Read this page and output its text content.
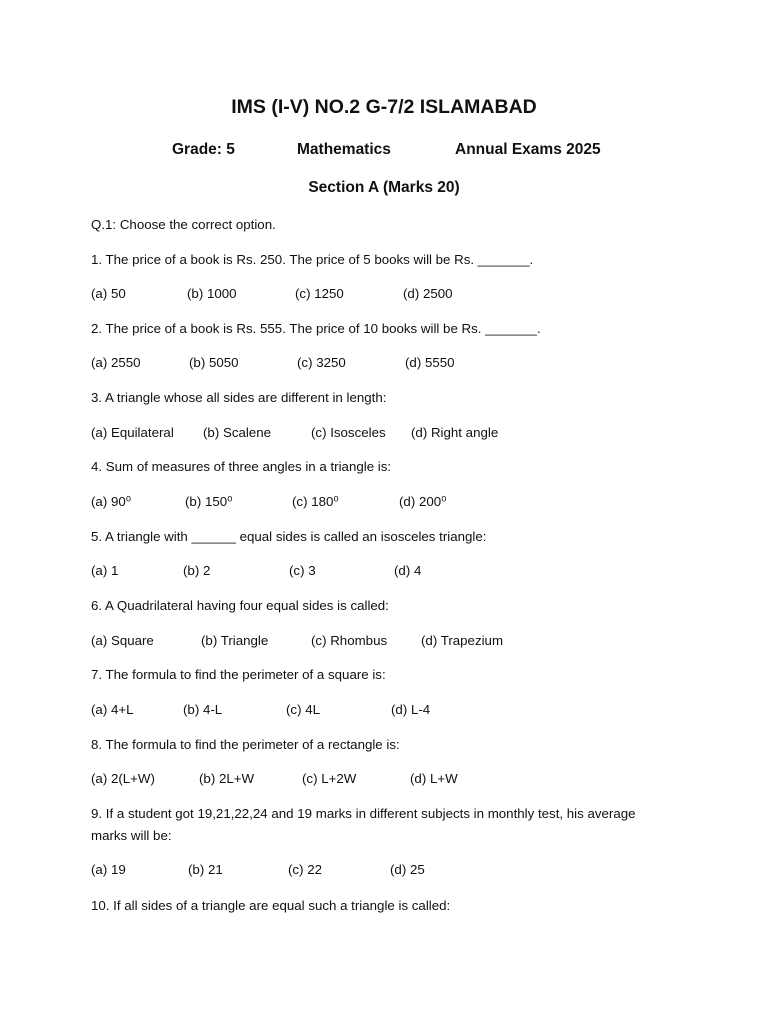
IMS (I-V) NO.2 G-7/2 ISLAMABAD
Grade: 5	Mathematics	Annual Exams 2025
Section A (Marks 20)
Q.1: Choose the correct option.
1. The price of a book is Rs. 250. The price of 5 books will be Rs. _______.
(a) 50	(b) 1000	(c) 1250	(d) 2500
2. The price of a book is Rs. 555. The price of 10 books will be Rs. _______.
(a) 2550	(b) 5050	(c) 3250	(d) 5550
3. A triangle whose all sides are different in length:
(a) Equilateral (b) Scalene	(c) Isosceles (d) Right angle
4. Sum of measures of three angles in a triangle is:
(a) 90⁰	(b) 150⁰	(c) 180⁰	(d) 200⁰
5. A triangle with ______ equal sides is called an isosceles triangle:
(a) 1	(b) 2	(c) 3	(d) 4
6. A Quadrilateral having four equal sides is called:
(a) Square	(b) Triangle	(c) Rhombus	(d) Trapezium
7. The formula to find the perimeter of a square is:
(a) 4+L	(b) 4-L	(c) 4L	(d) L-4
8. The formula to find the perimeter of a rectangle is:
(a) 2(L+W)	(b) 2L+W	(c) L+2W	(d) L+W
9. If a student got 19,21,22,24 and 19 marks in different subjects in monthly test, his average marks will be:
(a) 19	(b) 21	(c) 22	(d) 25
10. If all sides of a triangle are equal such a triangle is called:
